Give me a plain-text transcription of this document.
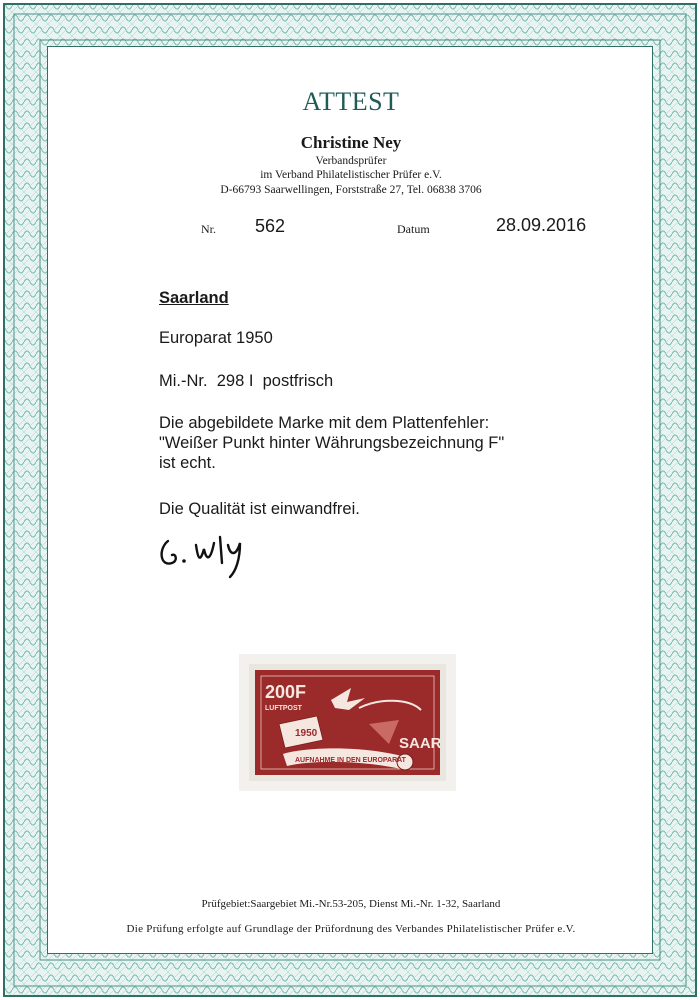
ATTEST
Christine Ney
Verbandsprüfer
im Verband Philatelistischer Prüfer e.V.
D-66793 Saarwellingen, Forststraße 27, Tel. 06838 3706
Nr. 562	Datum	28.09.2016
Saarland
Europarat 1950
Mi.-Nr.  298 I  postfrisch
Die abgebildete Marke mit dem Plattenfehler:
"Weißer Punkt hinter Währungsbezeichnung F"
ist echt.
Die Qualität ist einwandfrei.
200F
LUFTPOST
SAAR
1950
AUFNAHME IN DEN EUROPARAT
Prüfgebiet:Saargebiet Mi.-Nr.53-205, Dienst Mi.-Nr. 1-32, Saarland
Die Prüfung erfolgte auf Grundlage der Prüfordnung des Verbandes Philatelistischer Prüfer e.V.
